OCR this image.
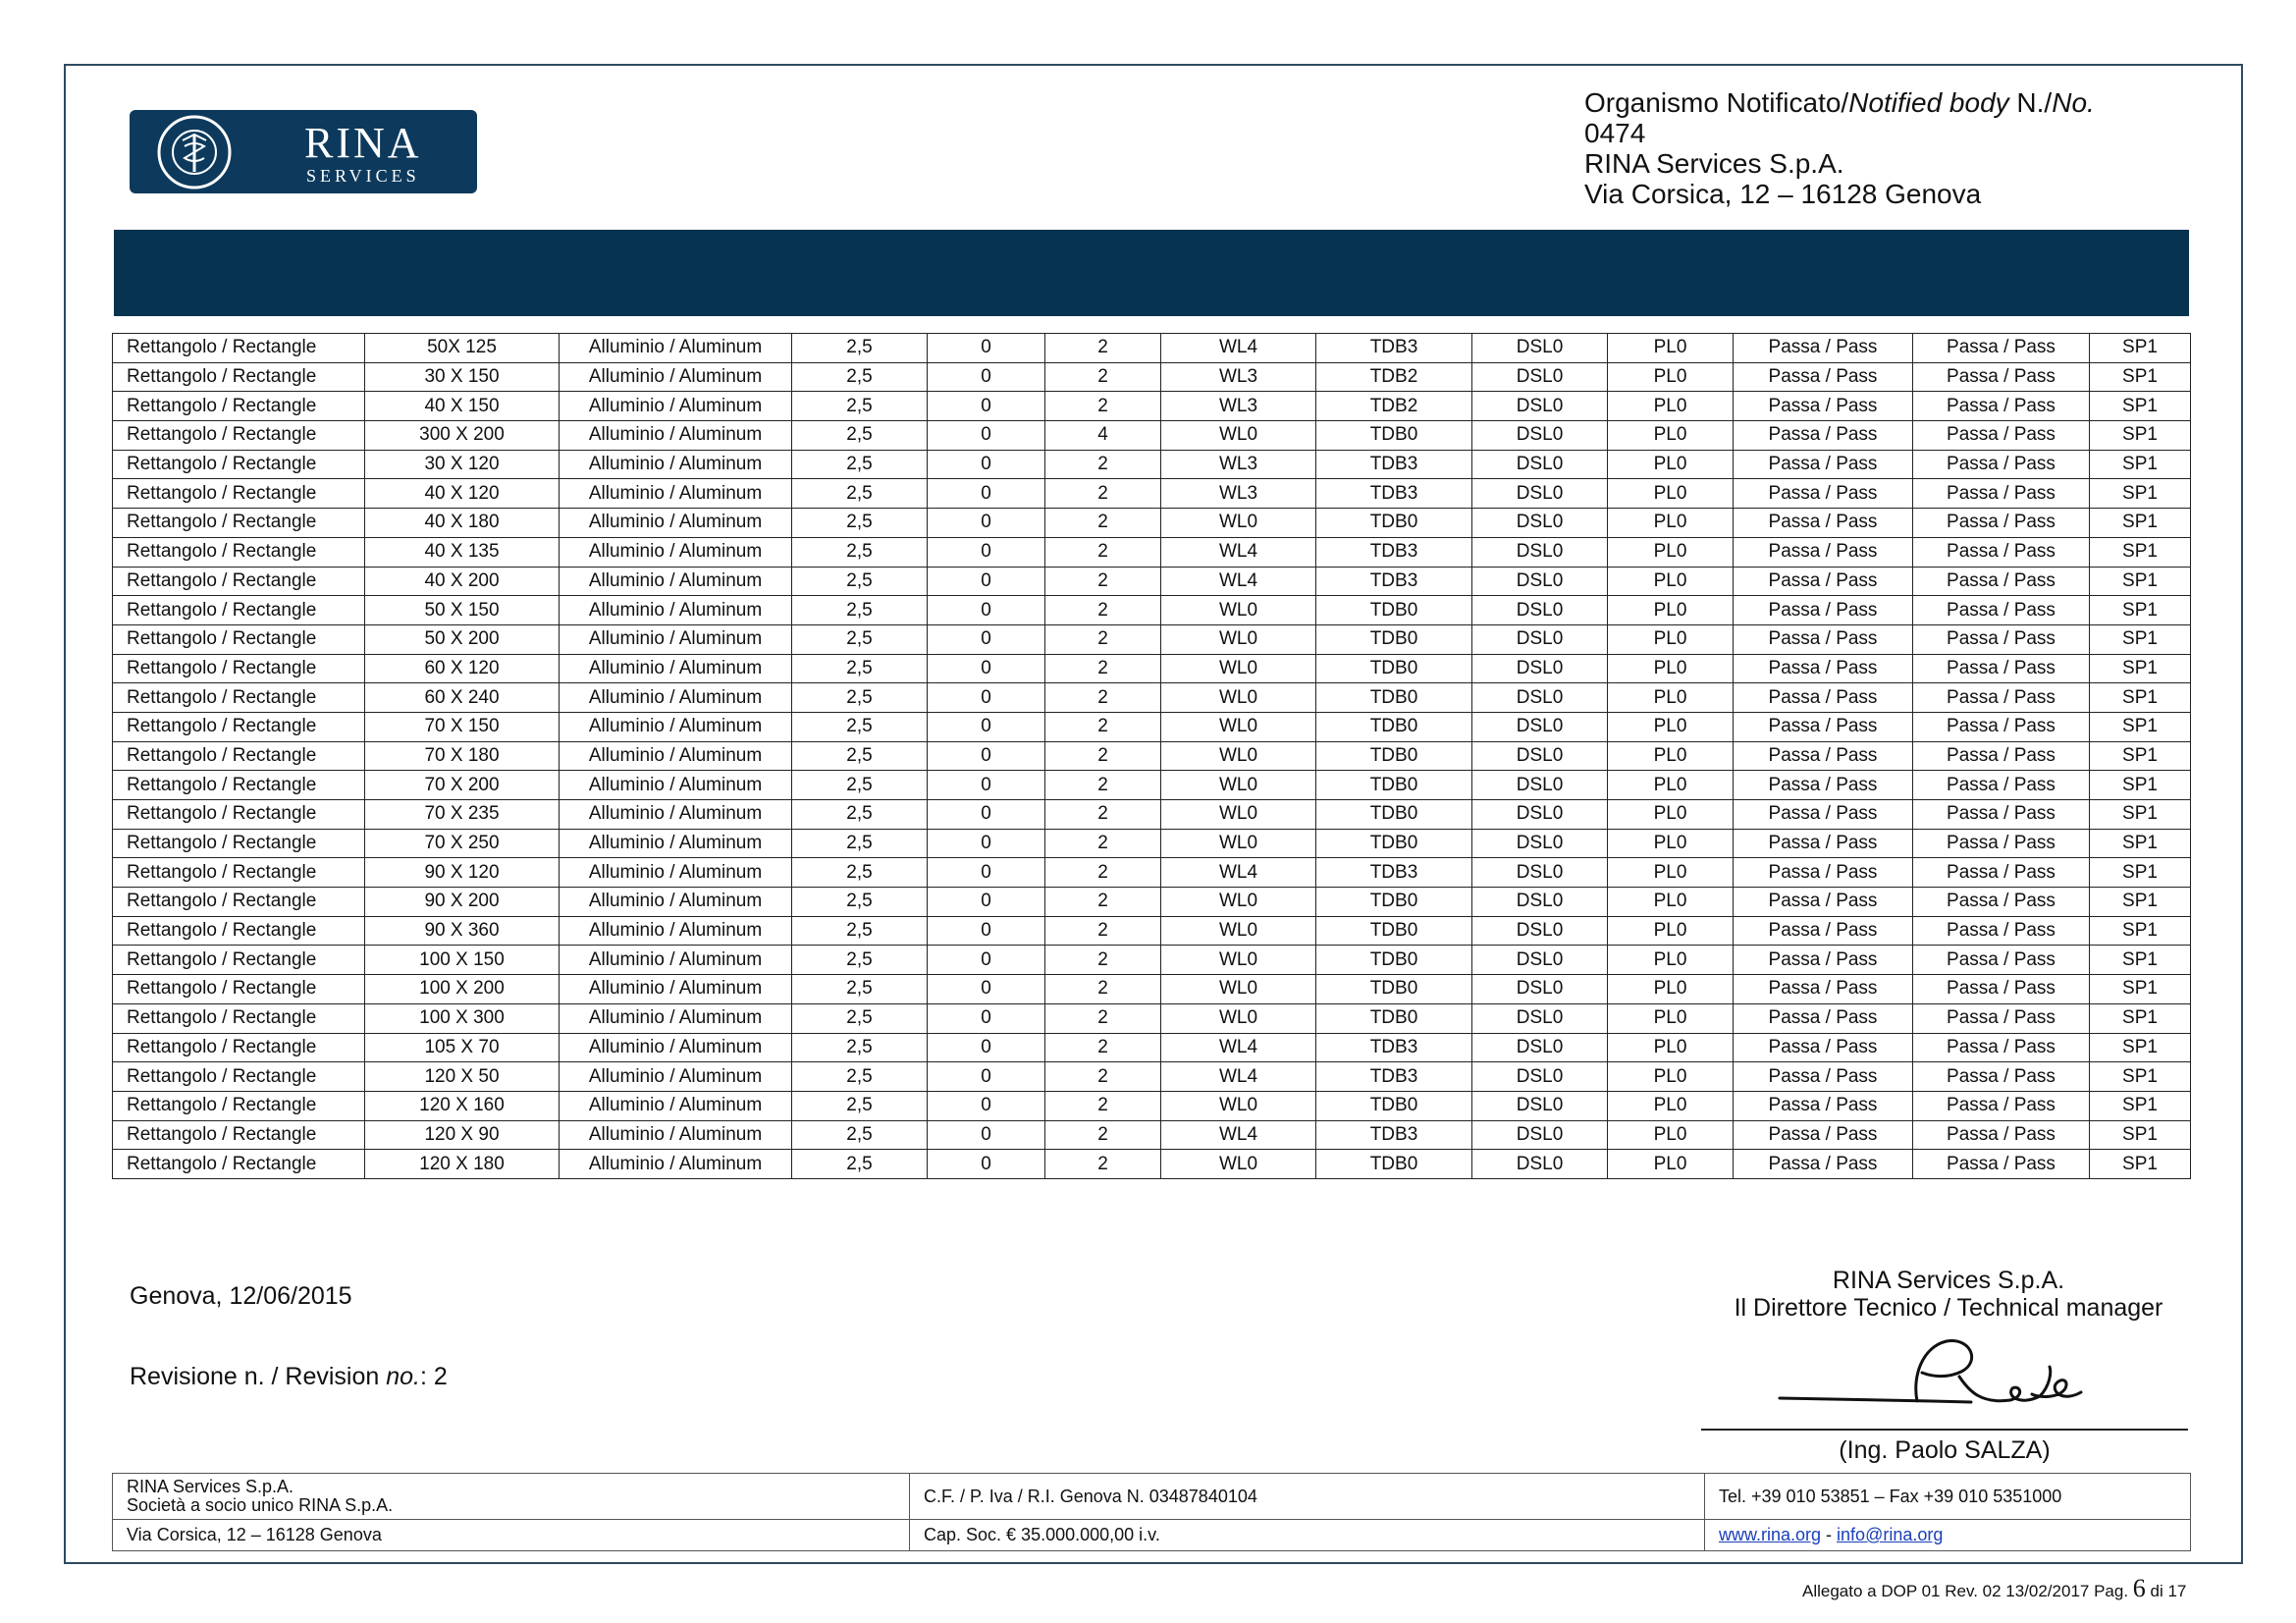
RINA
SERVICES
Organismo Notificato/Notified body N./No.
0474
RINA Services S.p.A.
Via Corsica, 12 – 16128 Genova
Rettangolo / Rectangle	50X 125	Alluminio / Aluminum	2,5	0	2	WL4	TDB3	DSL0	PL0	Passa / Pass	Passa / Pass	SP1
Rettangolo / Rectangle	30 X 150	Alluminio / Aluminum	2,5	0	2	WL3	TDB2	DSL0	PL0	Passa / Pass	Passa / Pass	SP1
Rettangolo / Rectangle	40 X 150	Alluminio / Aluminum	2,5	0	2	WL3	TDB2	DSL0	PL0	Passa / Pass	Passa / Pass	SP1
Rettangolo / Rectangle	300 X 200	Alluminio / Aluminum	2,5	0	4	WL0	TDB0	DSL0	PL0	Passa / Pass	Passa / Pass	SP1
Rettangolo / Rectangle	30 X 120	Alluminio / Aluminum	2,5	0	2	WL3	TDB3	DSL0	PL0	Passa / Pass	Passa / Pass	SP1
Rettangolo / Rectangle	40 X 120	Alluminio / Aluminum	2,5	0	2	WL3	TDB3	DSL0	PL0	Passa / Pass	Passa / Pass	SP1
Rettangolo / Rectangle	40 X 180	Alluminio / Aluminum	2,5	0	2	WL0	TDB0	DSL0	PL0	Passa / Pass	Passa / Pass	SP1
Rettangolo / Rectangle	40 X 135	Alluminio / Aluminum	2,5	0	2	WL4	TDB3	DSL0	PL0	Passa / Pass	Passa / Pass	SP1
Rettangolo / Rectangle	40 X 200	Alluminio / Aluminum	2,5	0	2	WL4	TDB3	DSL0	PL0	Passa / Pass	Passa / Pass	SP1
Rettangolo / Rectangle	50 X 150	Alluminio / Aluminum	2,5	0	2	WL0	TDB0	DSL0	PL0	Passa / Pass	Passa / Pass	SP1
Rettangolo / Rectangle	50 X 200	Alluminio / Aluminum	2,5	0	2	WL0	TDB0	DSL0	PL0	Passa / Pass	Passa / Pass	SP1
Rettangolo / Rectangle	60 X 120	Alluminio / Aluminum	2,5	0	2	WL0	TDB0	DSL0	PL0	Passa / Pass	Passa / Pass	SP1
Rettangolo / Rectangle	60 X 240	Alluminio / Aluminum	2,5	0	2	WL0	TDB0	DSL0	PL0	Passa / Pass	Passa / Pass	SP1
Rettangolo / Rectangle	70 X 150	Alluminio / Aluminum	2,5	0	2	WL0	TDB0	DSL0	PL0	Passa / Pass	Passa / Pass	SP1
Rettangolo / Rectangle	70 X 180	Alluminio / Aluminum	2,5	0	2	WL0	TDB0	DSL0	PL0	Passa / Pass	Passa / Pass	SP1
Rettangolo / Rectangle	70 X 200	Alluminio / Aluminum	2,5	0	2	WL0	TDB0	DSL0	PL0	Passa / Pass	Passa / Pass	SP1
Rettangolo / Rectangle	70 X 235	Alluminio / Aluminum	2,5	0	2	WL0	TDB0	DSL0	PL0	Passa / Pass	Passa / Pass	SP1
Rettangolo / Rectangle	70 X 250	Alluminio / Aluminum	2,5	0	2	WL0	TDB0	DSL0	PL0	Passa / Pass	Passa / Pass	SP1
Rettangolo / Rectangle	90 X 120	Alluminio / Aluminum	2,5	0	2	WL4	TDB3	DSL0	PL0	Passa / Pass	Passa / Pass	SP1
Rettangolo / Rectangle	90 X 200	Alluminio / Aluminum	2,5	0	2	WL0	TDB0	DSL0	PL0	Passa / Pass	Passa / Pass	SP1
Rettangolo / Rectangle	90 X 360	Alluminio / Aluminum	2,5	0	2	WL0	TDB0	DSL0	PL0	Passa / Pass	Passa / Pass	SP1
Rettangolo / Rectangle	100 X 150	Alluminio / Aluminum	2,5	0	2	WL0	TDB0	DSL0	PL0	Passa / Pass	Passa / Pass	SP1
Rettangolo / Rectangle	100 X 200	Alluminio / Aluminum	2,5	0	2	WL0	TDB0	DSL0	PL0	Passa / Pass	Passa / Pass	SP1
Rettangolo / Rectangle	100 X 300	Alluminio / Aluminum	2,5	0	2	WL0	TDB0	DSL0	PL0	Passa / Pass	Passa / Pass	SP1
Rettangolo / Rectangle	105 X 70	Alluminio / Aluminum	2,5	0	2	WL4	TDB3	DSL0	PL0	Passa / Pass	Passa / Pass	SP1
Rettangolo / Rectangle	120 X 50	Alluminio / Aluminum	2,5	0	2	WL4	TDB3	DSL0	PL0	Passa / Pass	Passa / Pass	SP1
Rettangolo / Rectangle	120 X 160	Alluminio / Aluminum	2,5	0	2	WL0	TDB0	DSL0	PL0	Passa / Pass	Passa / Pass	SP1
Rettangolo / Rectangle	120 X 90	Alluminio / Aluminum	2,5	0	2	WL4	TDB3	DSL0	PL0	Passa / Pass	Passa / Pass	SP1
Rettangolo / Rectangle	120 X 180	Alluminio / Aluminum	2,5	0	2	WL0	TDB0	DSL0	PL0	Passa / Pass	Passa / Pass	SP1
Genova, 12/06/2015
Revisione n. / Revision no.: 2
RINA Services S.p.A.
Il Direttore Tecnico / Technical manager
(Ing. Paolo SALZA)
RINA Services S.p.A.
Società a socio unico RINA S.p.A.	C.F. / P. Iva / R.I. Genova N. 03487840104	Tel. +39 010 53851 – Fax +39 010 5351000
Via Corsica, 12 – 16128 Genova	Cap. Soc. € 35.000.000,00 i.v.	www.rina.org - info@rina.org
Allegato a DOP 01 Rev. 02 13/02/2017 Pag. 6 di 17
